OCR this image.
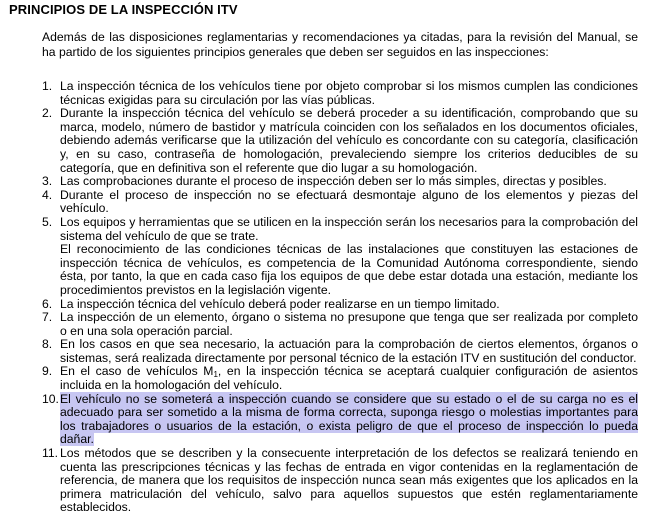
PRINCIPIOS DE LA INSPECCIÓN ITV

Además de las disposiciones reglamentarias y recomendaciones ya citadas, para la revisión del Manual, se ha partido de los siguientes principios generales que deben ser seguidos en las inspecciones:

1. La inspección técnica de los vehículos tiene por objeto comprobar si los mismos cumplen las condiciones técnicas exigidas para su circulación por las vías públicas.
2. Durante la inspección técnica del vehículo se deberá proceder a su identificación, comprobando que su marca, modelo, número de bastidor y matrícula coinciden con los señalados en los documentos oficiales, debiendo además verificarse que la utilización del vehículo es concordante con su categoría, clasificación y, en su caso, contraseña de homologación, prevaleciendo siempre los criterios deducibles de su categoría, que en definitiva son el referente que dio lugar a su homologación.
3. Las comprobaciones durante el proceso de inspección deben ser lo más simples, directas y posibles.
4. Durante el proceso de inspección no se efectuará desmontaje alguno de los elementos y piezas del vehículo.
5. Los equipos y herramientas que se utilicen en la inspección serán los necesarios para la comprobación del sistema del vehículo de que se trate.
El reconocimiento de las condiciones técnicas de las instalaciones que constituyen las estaciones de inspección técnica de vehículos, es competencia de la Comunidad Autónoma correspondiente, siendo ésta, por tanto, la que en cada caso fija los equipos de que debe estar dotada una estación, mediante los procedimientos previstos en la legislación vigente.
6. La inspección técnica del vehículo deberá poder realizarse en un tiempo limitado.
7. La inspección de un elemento, órgano o sistema no presupone que tenga que ser realizada por completo o en una sola operación parcial.
8. En los casos en que sea necesario, la actuación para la comprobación de ciertos elementos, órganos o sistemas, será realizada directamente por personal técnico de la estación ITV en sustitución del conductor.
9. En el caso de vehículos $M_1$, en la inspección técnica se aceptará cualquier configuración de asientos incluida en la homologación del vehículo.
10. El vehículo no se someterá a inspección cuando se considere que su estado o el de su carga no es el adecuado para ser sometido a la misma de forma correcta, suponga riesgo o molestias importantes para los trabajadores o usuarios de la estación, o exista peligro de que el proceso de inspección lo pueda dañar.
11. Los métodos que se describen y la consecuente interpretación de los defectos se realizará teniendo en cuenta las prescripciones técnicas y las fechas de entrada en vigor contenidas en la reglamentación de referencia, de manera que los requisitos de inspección nunca sean más exigentes que los aplicados en la primera matriculación del vehículo, salvo para aquellos supuestos que estén reglamentariamente establecidos.
